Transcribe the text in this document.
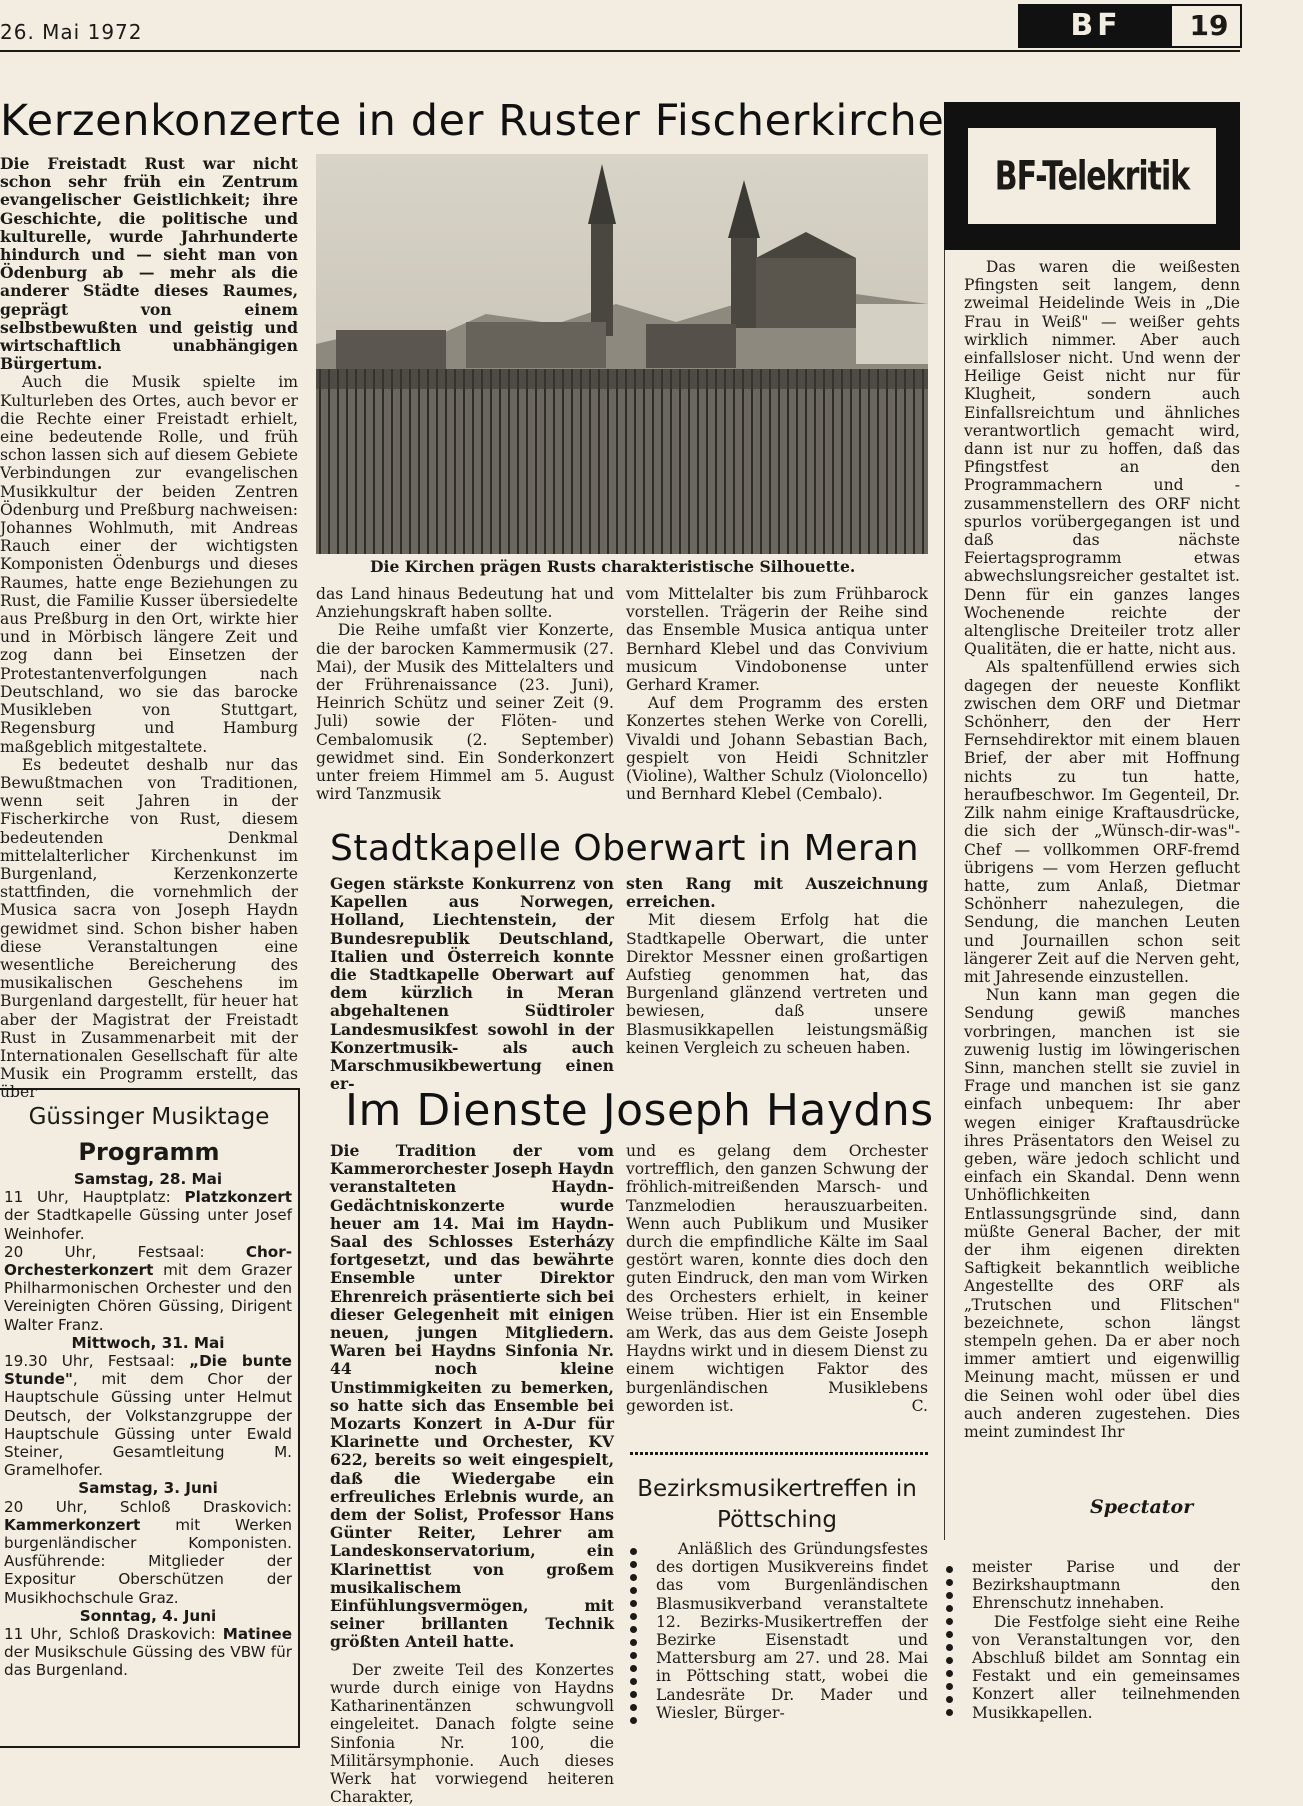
26. Mai 1972	BF	19
Kerzenkonzerte in der Ruster Fischerkirche

Die Freistadt Rust war nicht schon sehr früh ein Zentrum evangelischer Geistlichkeit; ihre Geschichte, die politische und kulturelle, wurde Jahrhunderte hindurch und — sieht man von Ödenburg ab — mehr als die anderer Städte dieses Raumes, geprägt von einem selbstbewußten und geistig und wirtschaftlich unabhängigen Bürgertum.

Auch die Musik spielte im Kulturleben des Ortes, auch bevor er die Rechte einer Freistadt erhielt, eine bedeutende Rolle, und früh schon lassen sich auf diesem Gebiete Verbindungen zur evangelischen Musikkultur der beiden Zentren Ödenburg und Preßburg nachweisen: Johannes Wohlmuth, mit Andreas Rauch einer der wichtigsten Komponisten Ödenburgs und dieses Raumes, hatte enge Beziehungen zu Rust, die Familie Kusser übersiedelte aus Preßburg in den Ort, wirkte hier und in Mörbisch längere Zeit und zog dann bei Einsetzen der Protestantenverfolgungen nach Deutschland, wo sie das barocke Musikleben von Stuttgart, Regensburg und Hamburg maßgeblich mitgestaltete.

Es bedeutet deshalb nur das Bewußtmachen von Traditionen, wenn seit Jahren in der Fischerkirche von Rust, diesem bedeutenden Denkmal mittelalterlicher Kirchenkunst im Burgenland, Kerzenkonzerte stattfinden, die vornehmlich der Musica sacra von Joseph Haydn gewidmet sind. Schon bisher haben diese Veranstaltungen eine wesentliche Bereicherung des musikalischen Geschehens im Burgenland dargestellt, für heuer hat aber der Magistrat der Freistadt Rust in Zusammenarbeit mit der Internationalen Gesellschaft für alte Musik ein Programm erstellt, das über

Die Kirchen prägen Rusts charakteristische Silhouette.

das Land hinaus Bedeutung hat und Anziehungskraft haben sollte.

Die Reihe umfaßt vier Konzerte, die der barocken Kammermusik (27. Mai), der Musik des Mittelalters und der Frührenaissance (23. Juni), Heinrich Schütz und seiner Zeit (9. Juli) sowie der Flöten- und Cembalomusik (2. September) gewidmet sind. Ein Sonderkonzert unter freiem Himmel am 5. August wird Tanzmusik

vom Mittelalter bis zum Frühbarock vorstellen. Trägerin der Reihe sind das Ensemble Musica antiqua unter Bernhard Klebel und das Convivium musicum Vindobonense unter Gerhard Kramer.

Auf dem Programm des ersten Konzertes stehen Werke von Corelli, Vivaldi und Johann Sebastian Bach, gespielt von Heidi Schnitzler (Violine), Walther Schulz (Violoncello) und Bernhard Klebel (Cembalo).

Stadtkapelle Oberwart in Meran

Gegen stärkste Konkurrenz von Kapellen aus Norwegen, Holland, Liechtenstein, der Bundesrepublik Deutschland, Italien und Österreich konnte die Stadtkapelle Oberwart auf dem kürzlich in Meran abgehaltenen Südtiroler Landesmusikfest sowohl in der Konzertmusik- als auch Marschmusikbewertung einen er-

sten Rang mit Auszeichnung erreichen.

Mit diesem Erfolg hat die Stadtkapelle Oberwart, die unter Direktor Messner einen großartigen Aufstieg genommen hat, das Burgenland glänzend vertreten und bewiesen, daß unsere Blasmusikkapellen leistungsmäßig keinen Vergleich zu scheuen haben.

Im Dienste Joseph Haydns

Die Tradition der vom Kammerorchester Joseph Haydn veranstalteten Haydn-Gedächtniskonzerte wurde heuer am 14. Mai im Haydn-Saal des Schlosses Esterházy fortgesetzt, und das bewährte Ensemble unter Direktor Ehrenreich präsentierte sich bei dieser Gelegenheit mit einigen neuen, jungen Mitgliedern. Waren bei Haydns Sinfonia Nr. 44 noch kleine Unstimmigkeiten zu bemerken, so hatte sich das Ensemble bei Mozarts Konzert in A-Dur für Klarinette und Orchester, KV 622, bereits so weit eingespielt, daß die Wiedergabe ein erfreuliches Erlebnis wurde, an dem der Solist, Professor Hans Günter Reiter, Lehrer am Landeskonservatorium, ein Klarinettist von großem musikalischem Einfühlungsvermögen, mit seiner brillanten Technik größten Anteil hatte.

Der zweite Teil des Konzertes wurde durch einige von Haydns Katharinentänzen schwungvoll eingeleitet. Danach folgte seine Sinfonia Nr. 100, die Militärsymphonie. Auch dieses Werk hat vorwiegend heiteren Charakter,

und es gelang dem Orchester vortrefflich, den ganzen Schwung der fröhlich-mitreißenden Marsch- und Tanzmelodien herauszuarbeiten. Wenn auch Publikum und Musiker durch die empfindliche Kälte im Saal gestört waren, konnte dies doch den guten Eindruck, den man vom Wirken des Orchesters erhielt, in keiner Weise trüben. Hier ist ein Ensemble am Werk, das aus dem Geiste Joseph Haydns wirkt und in diesem Dienst zu einem wichtigen Faktor des burgenländischen Musiklebens geworden ist.	C.
Bezirksmusikertreffen in
Pöttsching

Anläßlich des Gründungsfestes des dortigen Musikvereins findet das vom Burgenländischen Blasmusikverband veranstaltete 12. Bezirks-Musikertreffen der Bezirke Eisenstadt und Mattersburg am 27. und 28. Mai in Pöttsching statt, wobei die Landesräte Dr. Mader und Wiesler, Bürger-

meister Parise und der Bezirkshauptmann den Ehrenschutz innehaben.

Die Festfolge sieht eine Reihe von Veranstaltungen vor, den Abschluß bildet am Sonntag ein Festakt und ein gemeinsames Konzert aller teilnehmenden Musikkapellen.

Güssinger Musiktage
Programm
Samstag, 28. Mai
11 Uhr, Hauptplatz: Platzkonzert der Stadtkapelle Güssing unter Josef Weinhofer.
20 Uhr, Festsaal: Chor-Orchesterkonzert mit dem Grazer Philharmonischen Orchester und den Vereinigten Chören Güssing, Dirigent Walter Franz.
Mittwoch, 31. Mai
19.30 Uhr, Festsaal: „Die bunte Stunde", mit dem Chor der Hauptschule Güssing unter Helmut Deutsch, der Volkstanzgruppe der Hauptschule Güssing unter Ewald Steiner, Gesamtleitung M. Gramelhofer.
Samstag, 3. Juni
20 Uhr, Schloß Draskovich: Kammerkonzert mit Werken burgenländischer Komponisten. Ausführende: Mitglieder der Expositur Oberschützen der Musikhochschule Graz.
Sonntag, 4. Juni
11 Uhr, Schloß Draskovich: Matinee der Musikschule Güssing des VBW für das Burgenland.
BF-Telekritik

Das waren die weißesten Pfingsten seit langem, denn zweimal Heidelinde Weis in „Die Frau in Weiß" — weißer gehts wirklich nimmer. Aber auch einfallsloser nicht. Und wenn der Heilige Geist nicht nur für Klugheit, sondern auch Einfallsreichtum und ähnliches verantwortlich gemacht wird, dann ist nur zu hoffen, daß das Pfingstfest an den Programmachern und -zusammenstellern des ORF nicht spurlos vorübergegangen ist und daß das nächste Feiertagsprogramm etwas abwechslungsreicher gestaltet ist. Denn für ein ganzes langes Wochenende reichte der altenglische Dreiteiler trotz aller Qualitäten, die er hatte, nicht aus.

Als spaltenfüllend erwies sich dagegen der neueste Konflikt zwischen dem ORF und Dietmar Schönherr, den der Herr Fernsehdirektor mit einem blauen Brief, der aber mit Hoffnung nichts zu tun hatte, heraufbeschwor. Im Gegenteil, Dr. Zilk nahm einige Kraftausdrücke, die sich der „Wünsch-dir-was"-Chef — vollkommen ORF-fremd übrigens — vom Herzen geflucht hatte, zum Anlaß, Dietmar Schönherr nahezulegen, die Sendung, die manchen Leuten und Journaillen schon seit längerer Zeit auf die Nerven geht, mit Jahresende einzustellen.

Nun kann man gegen die Sendung gewiß manches vorbringen, manchen ist sie zuwenig lustig im löwingerischen Sinn, manchen stellt sie zuviel in Frage und manchen ist sie ganz einfach unbequem: Ihr aber wegen einiger Kraftausdrücke ihres Präsentators den Weisel zu geben, wäre jedoch schlicht und einfach ein Skandal. Denn wenn Unhöflichkeiten Entlassungsgründe sind, dann müßte General Bacher, der mit der ihm eigenen direkten Saftigkeit bekanntlich weibliche Angestellte des ORF als „Trutschen und Flitschen" bezeichnete, schon längst stempeln gehen. Da er aber noch immer amtiert und eigenwillig Meinung macht, müssen er und die Seinen wohl oder übel dies auch anderen zugestehen. Dies meint zumindest Ihr

Spectator
